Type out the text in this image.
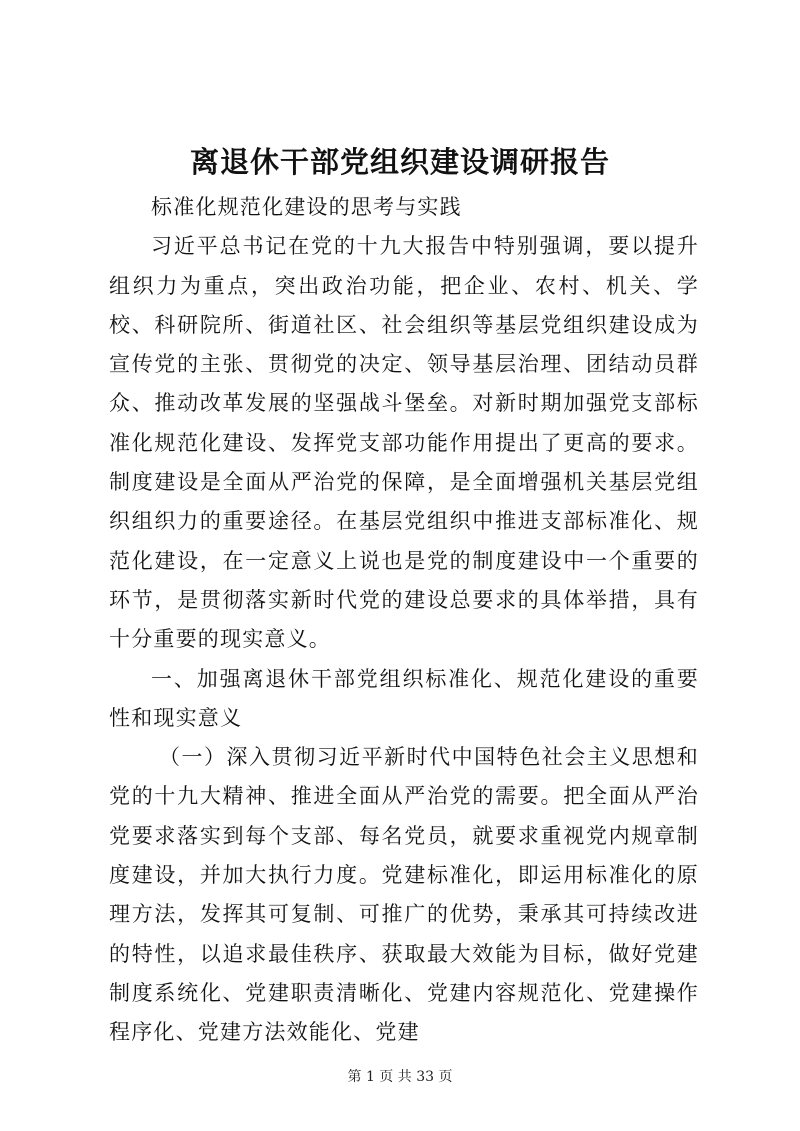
离退休干部党组织建设调研报告

标准化规范化建设的思考与实践

习近平总书记在党的十九大报告中特别强调，要以提升组织力为重点，突出政治功能，把企业、农村、机关、学校、科研院所、街道社区、社会组织等基层党组织建设成为宣传党的主张、贯彻党的决定、领导基层治理、团结动员群众、推动改革发展的坚强战斗堡垒。对新时期加强党支部标准化规范化建设、发挥党支部功能作用提出了更高的要求。制度建设是全面从严治党的保障，是全面增强机关基层党组织组织力的重要途径。在基层党组织中推进支部标准化、规范化建设，在一定意义上说也是党的制度建设中一个重要的环节，是贯彻落实新时代党的建设总要求的具体举措，具有十分重要的现实意义。

一、加强离退休干部党组织标准化、规范化建设的重要性和现实意义

（一）深入贯彻习近平新时代中国特色社会主义思想和党的十九大精神、推进全面从严治党的需要。把全面从严治党要求落实到每个支部、每名党员，就要求重视党内规章制度建设，并加大执行力度。党建标准化，即运用标准化的原理方法，发挥其可复制、可推广的优势，秉承其可持续改进的特性，以追求最佳秩序、获取最大效能为目标，做好党建制度系统化、党建职责清晰化、党建内容规范化、党建操作程序化、党建方法效能化、党建

第 1 页 共 33 页
